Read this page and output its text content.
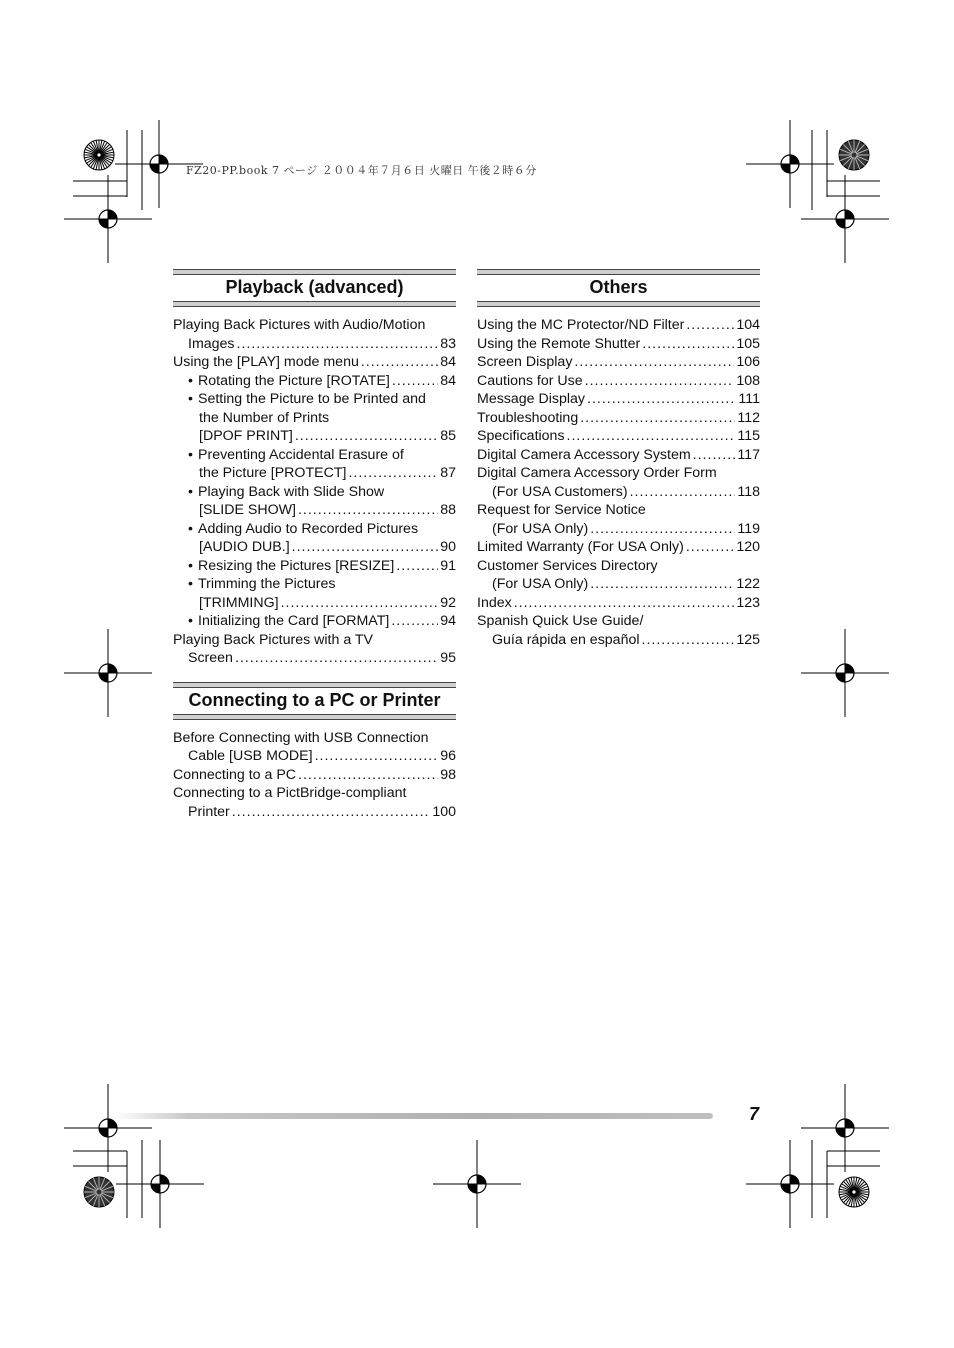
FZ20-PP.book 7 ページ ２００４年７月６日 火曜日 午後２時６分
Playback (advanced)
Playing Back Pictures with Audio/Motion
Images .....	83
Using the [PLAY] mode menu .....	84
• Rotating the Picture [ROTATE] .....	84
• Setting the Picture to be Printed and
the Number of Prints
[DPOF PRINT] .....	85
• Preventing Accidental Erasure of
the Picture [PROTECT] .....	87
• Playing Back with Slide Show
[SLIDE SHOW] .....	88
• Adding Audio to Recorded Pictures
[AUDIO DUB.] .....	90
• Resizing the Pictures [RESIZE] .....	91
• Trimming the Pictures
[TRIMMING] .....	92
• Initializing the Card [FORMAT] .....	94
Playing Back Pictures with a TV
Screen .....	95
Connecting to a PC or Printer
Before Connecting with USB Connection
Cable [USB MODE] .....	96
Connecting to a PC .....	98
Connecting to a PictBridge-compliant
Printer .....	100
Others
Using the MC Protector/ND Filter .....	104
Using the Remote Shutter .....	105
Screen Display .....	106
Cautions for Use .....	108
Message Display .....	111
Troubleshooting .....	112
Specifications .....	115
Digital Camera Accessory System .....	117
Digital Camera Accessory Order Form
(For USA Customers) .....	118
Request for Service Notice
(For USA Only) .....	119
Limited Warranty (For USA Only) .....	120
Customer Services Directory
(For USA Only) .....	122
Index .....	123
Spanish Quick Use Guide/
Guía rápida en español .....	125
7
